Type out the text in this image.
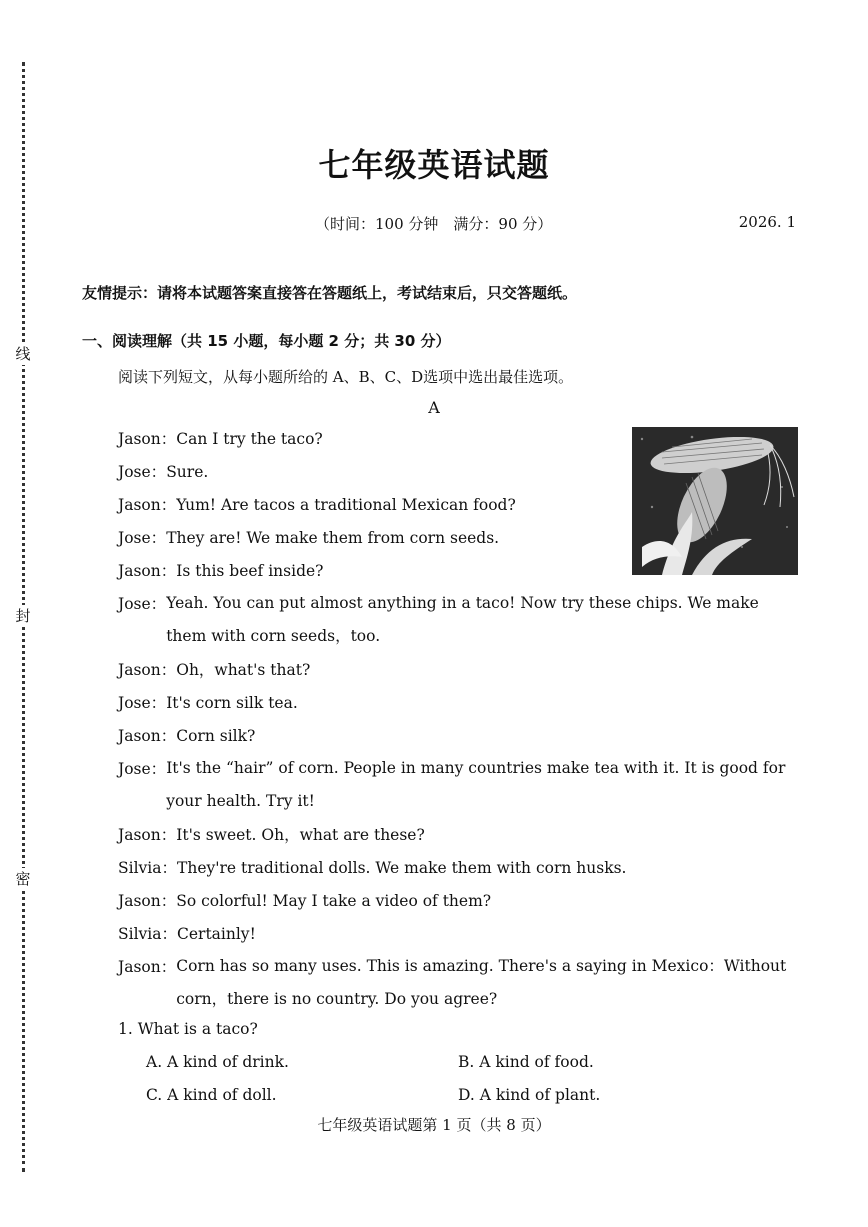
线
封
密
七年级英语试题
（时间：100 分钟　满分：90 分）	2026. 1
友情提示：请将本试题答案直接答在答题纸上，考试结束后，只交答题纸。
一、阅读理解（共 15 小题，每小题 2 分；共 30 分）
阅读下列短文，从每小题所给的 A、B、C、D选项中选出最佳选项。
A
Jason：Can I try the taco?
Jose：Sure.
Jason：Yum! Are tacos a traditional Mexican food?
Jose：They are! We make them from corn seeds.
Jason：Is this beef inside?
Jose： Yeah. You can put almost anything in a taco! Now try these chips. We make them with corn seeds，too.
Jason：Oh，what's that?
Jose：It's corn silk tea.
Jason：Corn silk?
Jose： It's the “hair” of corn. People in many countries make tea with it. It is good for your health. Try it!
Jason：It's sweet. Oh，what are these?
Silvia：They're traditional dolls. We make them with corn husks.
Jason：So colorful! May I take a video of them?
Silvia：Certainly!
Jason： Corn has so many uses. This is amazing. There's a saying in Mexico：Without corn，there is no country. Do you agree?
1. What is a taco?
A. A kind of drink.	B. A kind of food.
C. A kind of doll.	D. A kind of plant.
七年级英语试题第 1 页（共 8 页）
